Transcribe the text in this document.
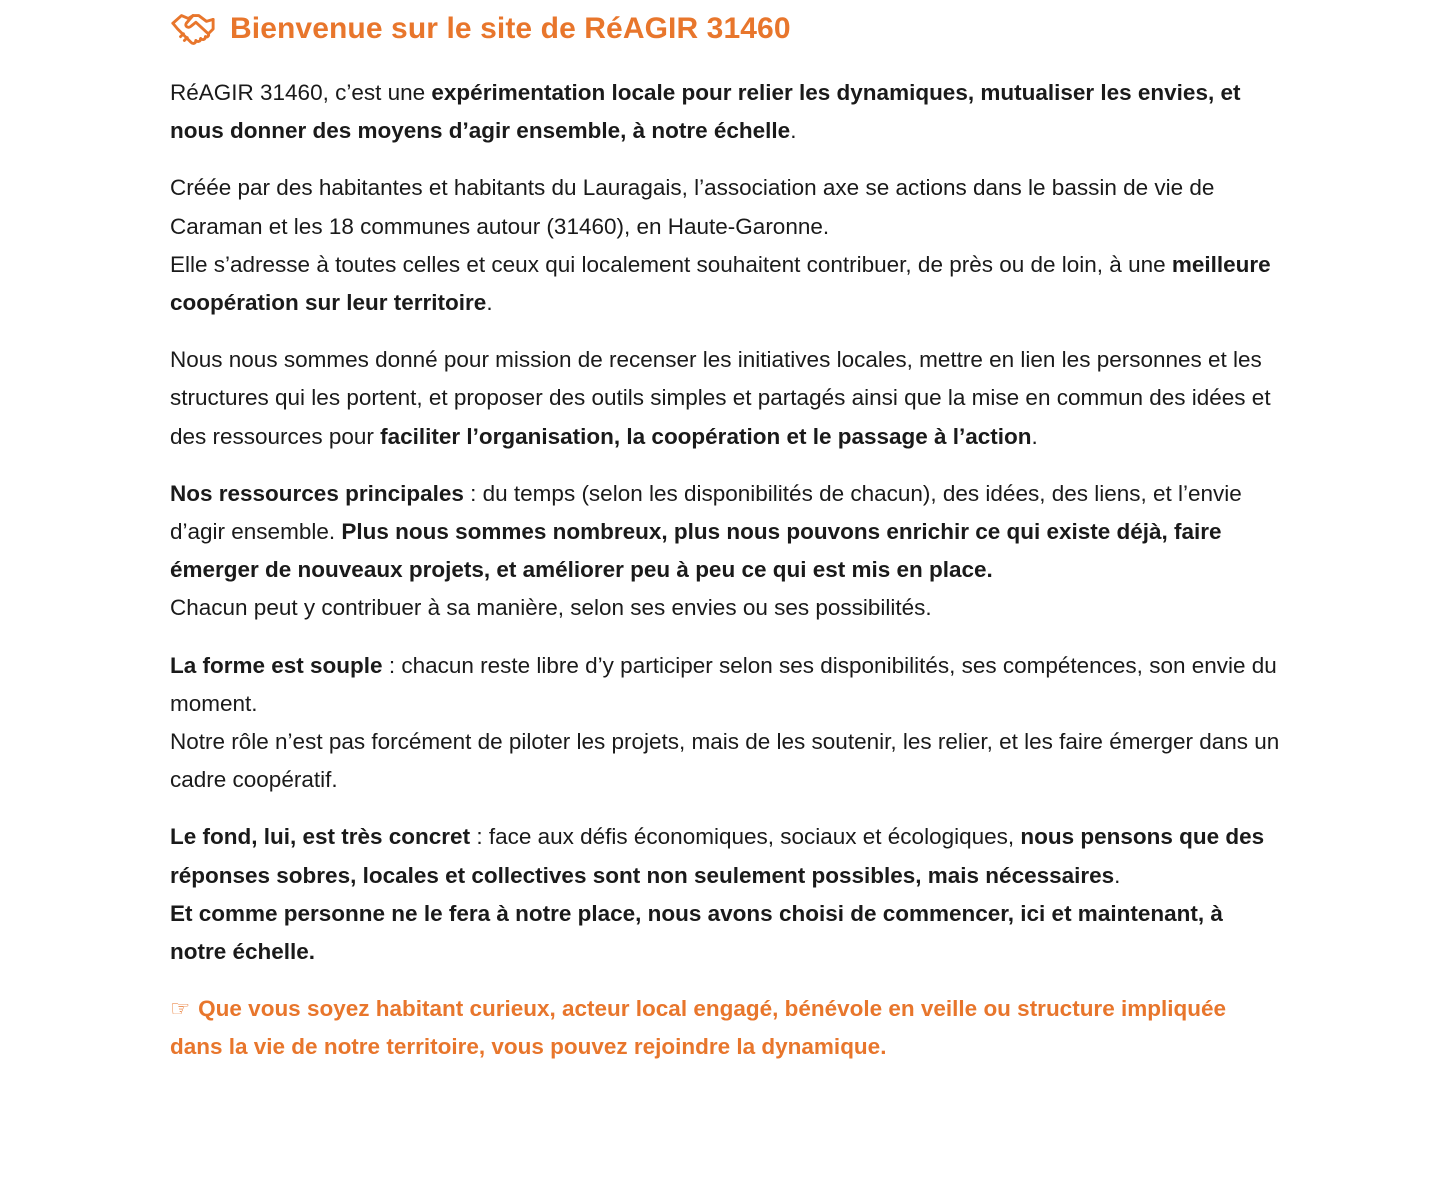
Bienvenue sur le site de RéAGIR 31460

RéAGIR 31460, c’est une expérimentation locale pour relier les dynamiques, mutualiser les envies, et nous donner des moyens d’agir ensemble, à notre échelle.

Créée par des habitantes et habitants du Lauragais, l’association axe se actions dans le bassin de vie de Caraman et les 18 communes autour (31460), en Haute-Garonne.
Elle s’adresse à toutes celles et ceux qui localement souhaitent contribuer, de près ou de loin, à une meilleure coopération sur leur territoire.

Nous nous sommes donné pour mission de recenser les initiatives locales, mettre en lien les personnes et les structures qui les portent, et proposer des outils simples et partagés ainsi que la mise en commun des idées et des ressources pour faciliter l’organisation, la coopération et le passage à l’action.

Nos ressources principales : du temps (selon les disponibilités de chacun), des idées, des liens, et l’envie d’agir ensemble. Plus nous sommes nombreux, plus nous pouvons enrichir ce qui existe déjà, faire émerger de nouveaux projets, et améliorer peu à peu ce qui est mis en place.
Chacun peut y contribuer à sa manière, selon ses envies ou ses possibilités.

La forme est souple : chacun reste libre d’y participer selon ses disponibilités, ses compétences, son envie du moment.
Notre rôle n’est pas forcément de piloter les projets, mais de les soutenir, les relier, et les faire émerger dans un cadre coopératif.

Le fond, lui, est très concret : face aux défis économiques, sociaux et écologiques, nous pensons que des réponses sobres, locales et collectives sont non seulement possibles, mais nécessaires.
Et comme personne ne le fera à notre place, nous avons choisi de commencer, ici et maintenant, à notre échelle.

☞ Que vous soyez habitant curieux, acteur local engagé, bénévole en veille ou structure impliquée dans la vie de notre territoire, vous pouvez rejoindre la dynamique.
